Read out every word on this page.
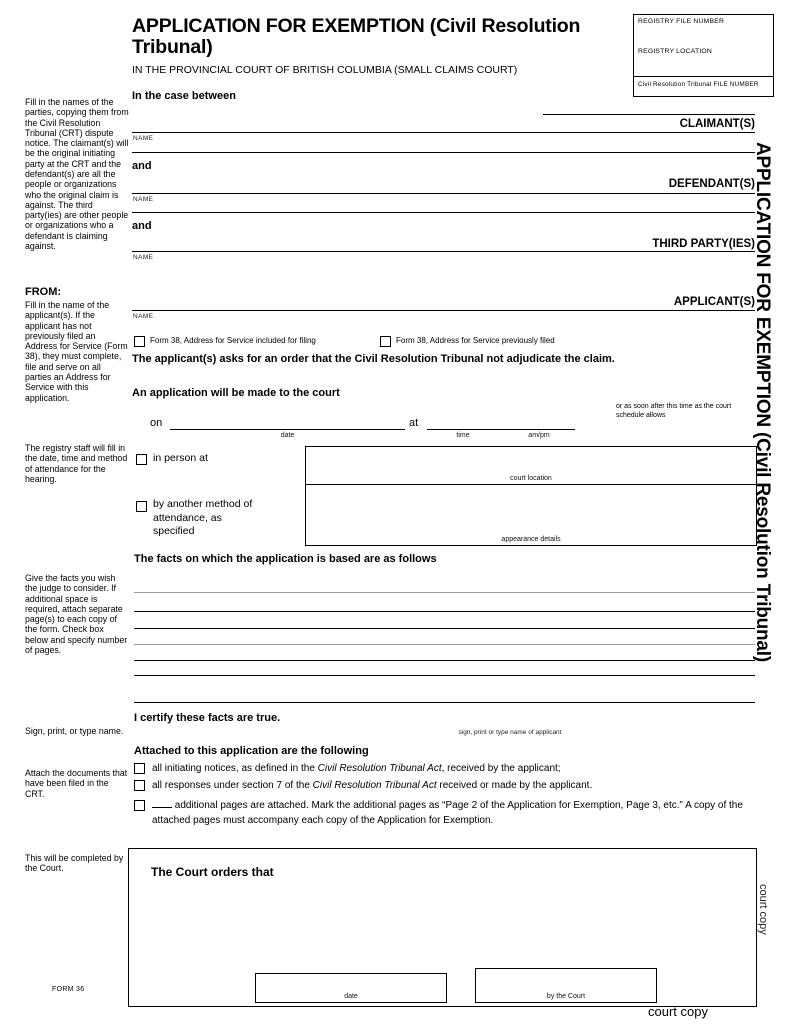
APPLICATION FOR EXEMPTION (Civil Resolution Tribunal)
IN THE PROVINCIAL COURT OF BRITISH COLUMBIA (SMALL CLAIMS COURT)
REGISTRY FILE NUMBER
REGISTRY LOCATION
Civil Resolution Tribunal FILE NUMBER
Fill in the names of the parties, copying them from the Civil Resolution Tribunal (CRT) dispute notice. The claimant(s) will be the original initiating party at the CRT and the defendant(s) are all the people or organizations who the original claim is against. The third party(ies) are other people or organizations who a defendant is claiming against.
FROM:
Fill in the name of the applicant(s). If the applicant has not previously filed an Address for Service (Form 38), they must complete, file and serve on all parties an Address for Service with this application.
The registry staff will fill in the date, time and method of attendance for the hearing.
Give the facts you wish the judge to consider. If additional space is required, attach separate page(s) to each copy of the form. Check box below and specify number of pages.
Sign, print, or type name.
Attach the documents that have been filed in the CRT.
This will be completed by the Court.
In the case between
CLAIMANT(S)
NAME
and
DEFENDANT(S)
NAME
and
THIRD PARTY(IES)
NAME
APPLICANT(S)
NAME
Form 38, Address for Service included for filing	Form 38, Address for Service previously filed
The applicant(s) asks for an order that the Civil Resolution Tribunal not adjudicate the claim.
An application will be made to the court
or as soon after this time as the court schedule allows
on
date
at
time	am/pm
in person at
court location
appearance details
by another method of attendance, as specified
The facts on which the application is based are as follows
I certify these facts are true.
sign, print or type name of applicant
Attached to this application are the following
all initiating notices, as defined in the Civil Resolution Tribunal Act, received by the applicant;
all responses under section 7 of the Civil Resolution Tribunal Act received or made by the applicant.
additional pages are attached. Mark the additional pages as “Page 2 of the Application for Exemption, Page 3, etc.” A copy of the attached pages must accompany each copy of the Application for Exemption.
The Court orders that
date	by the Court
FORM 36
court copy
APPLICATION FOR EXEMPTION (Civil Resolution Tribunal)
court copy
